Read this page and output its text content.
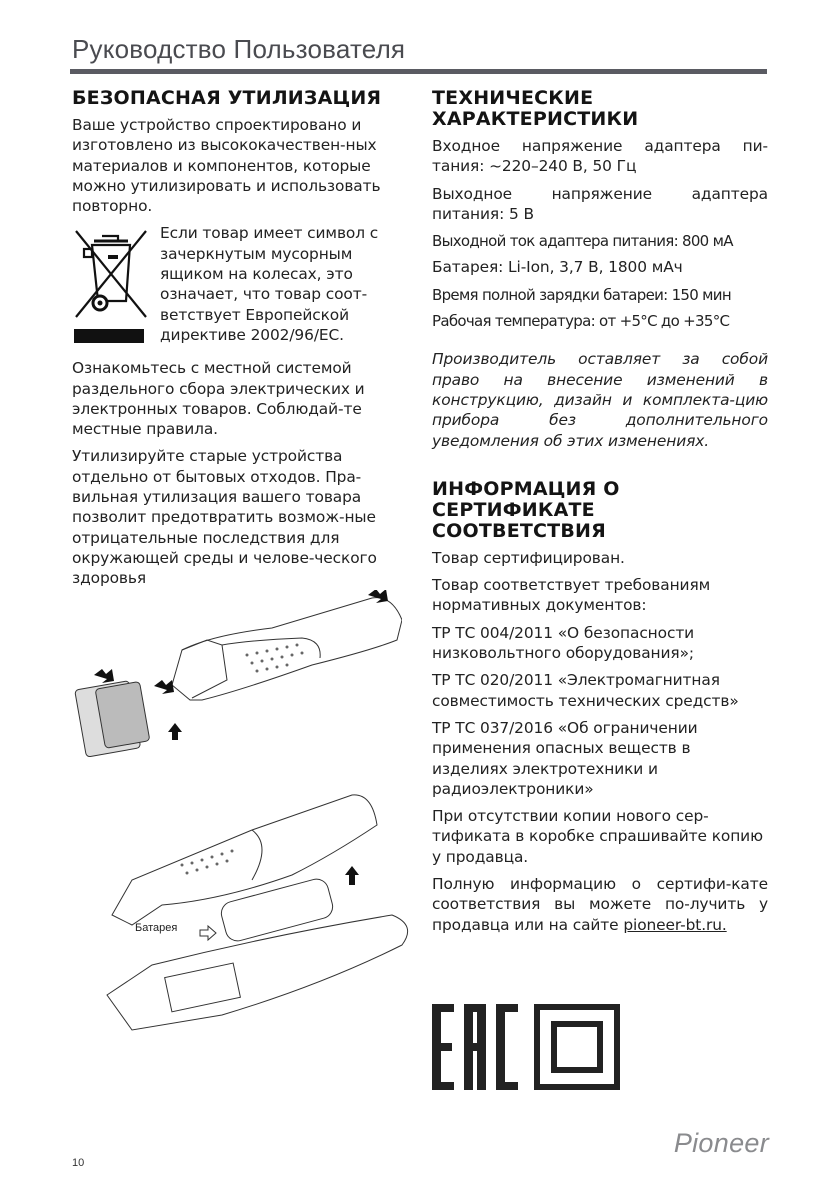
Руководство Пользователя
БЕЗОПАСНАЯ УТИЛИЗАЦИЯ
Ваше устройство спроектировано и изготовлено из высококачествен-ных материалов и компонентов, которые можно утилизировать и использовать повторно.
Если товар имеет символ с зачеркнутым мусорным ящиком на колесах, это означает, что товар соот-ветствует Европейской директиве 2002/96/EC.
Ознакомьтесь с местной системой раздельного сбора электрических и электронных товаров. Соблюдай-те местные правила.
Утилизируйте старые устройства отдельно от бытовых отходов. Пра-вильная утилизация вашего товара позволит предотвратить возмож-ные отрицательные последствия для окружающей среды и челове-ческого здоровья
Батарея
ТЕХНИЧЕСКИЕ ХАРАКТЕРИСТИКИ
Входное напряжение адаптера пи-тания: ~220–240 В, 50 Гц
Выходное напряжение адаптера питания: 5 В
Выходной ток адаптера питания: 800 мА
Батарея: Li-Ion, 3,7 В, 1800 мАч
Время полной зарядки батареи: 150 мин
Рабочая температура: от +5°C до +35°C
Производитель оставляет за собой право на внесение изменений в конструкцию, дизайн и комплекта-цию прибора без дополнительного уведомления об этих изменениях.
ИНФОРМАЦИЯ О СЕРТИФИКАТЕ СООТВЕТСТВИЯ
Товар сертифицирован.
Товар соответствует требованиям нормативных документов:
ТР ТС 004/2011 «О безопасности низковольтного оборудования»;
ТР ТС 020/2011 «Электромагнитная совместимость технических средств»
ТР ТС 037/2016 «Об ограничении применения опасных веществ в изделиях электротехники и радиоэлектроники»
При отсутствии копии нового сер-тификата в коробке спрашивайте копию у продавца.
Полную информацию о сертифи-кате соответствия вы можете по-лучить у продавца или на сайте pioneer-bt.ru.
10
Pioneer
